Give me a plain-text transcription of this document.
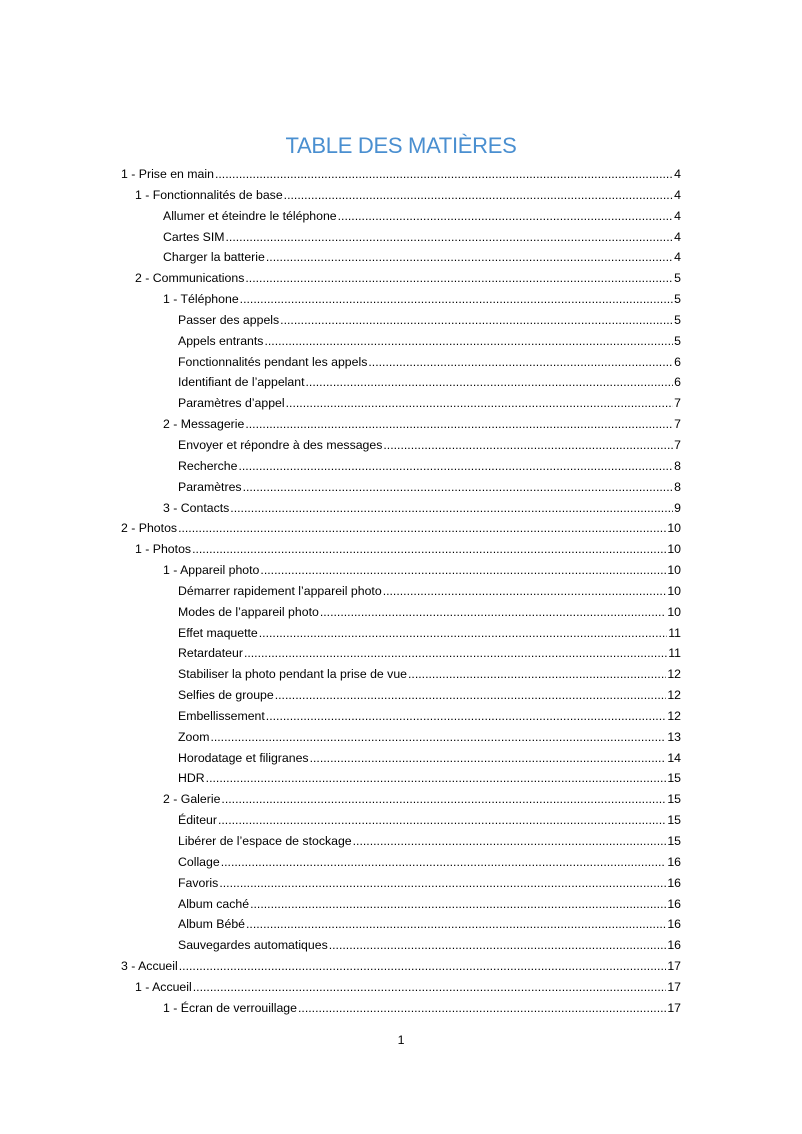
TABLE DES MATIÈRES
1 - Prise en main .....	4
1 - Fonctionnalités de base .....	4
Allumer et éteindre le téléphone .....	4
Cartes SIM .....	4
Charger la batterie .....	4
2 - Communications .....	5
1 - Téléphone .....	5
Passer des appels .....	5
Appels entrants .....	5
Fonctionnalités pendant les appels .....	6
Identifiant de l’appelant .....	6
Paramètres d’appel .....	7
2 - Messagerie .....	7
Envoyer et répondre à des messages .....	7
Recherche .....	8
Paramètres .....	8
3 - Contacts .....	9
2 - Photos .....	10
1 - Photos .....	10
1 - Appareil photo .....	10
Démarrer rapidement l’appareil photo .....	10
Modes de l’appareil photo .....	10
Effet maquette .....	11
Retardateur .....	11
Stabiliser la photo pendant la prise de vue .....	12
Selfies de groupe .....	12
Embellissement .....	12
Zoom .....	13
Horodatage et filigranes .....	14
HDR .....	15
2 - Galerie .....	15
Éditeur .....	15
Libérer de l’espace de stockage .....	15
Collage .....	16
Favoris .....	16
Album caché .....	16
Album Bébé .....	16
Sauvegardes automatiques .....	16
3 - Accueil .....	17
1 - Accueil .....	17
1 - Écran de verrouillage .....	17
1
